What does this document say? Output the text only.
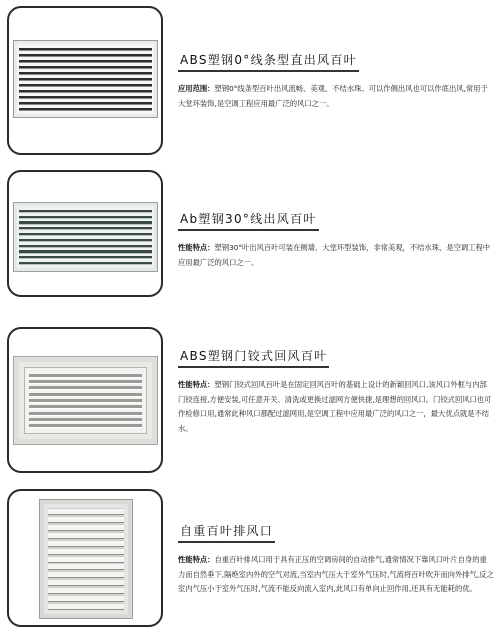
ABS塑钢0°线条型直出风百叶
应用范围：塑钢0°线条型百叶出风流畅、美观、不结水珠。可以作侧出风也可以作底出风,常用于大堂环装饰,是空调工程应用最广泛的风口之一。
Ab塑钢30°线出风百叶
性能特点：塑钢30°叶出风百叶可装在侧墙、大堂环型装饰，非常美观，不结水珠，是空调工程中应用最广泛的风口之一。
ABS塑钢门铰式回风百叶
性能特点：塑钢门铰式回风百叶是在固定回风百叶的基础上设计的新颖回风口,该风口外框与内部门铰连接,方便安装,可任意开关、清洗或更换过滤网方便快捷,是理想的回风口。门铰式回风口也可作检修口用,通常此种风口都配过滤网用,是空调工程中应用最广泛的风口之一，最大优点就是不结水。
自重百叶排风口
性能特点：自重百叶排风口用于具有正压的空调房间的自动排气,通常情况下靠风口叶片自身的重力而自然垂下,隔绝室内外的空气对流,当室内气压大于室外气压时,气流将百叶吹开而向外排气,反之室内气压小于室外气压时,气流不能反向流入室内,此风口有单向止回作用,还具有无能耗的优。
